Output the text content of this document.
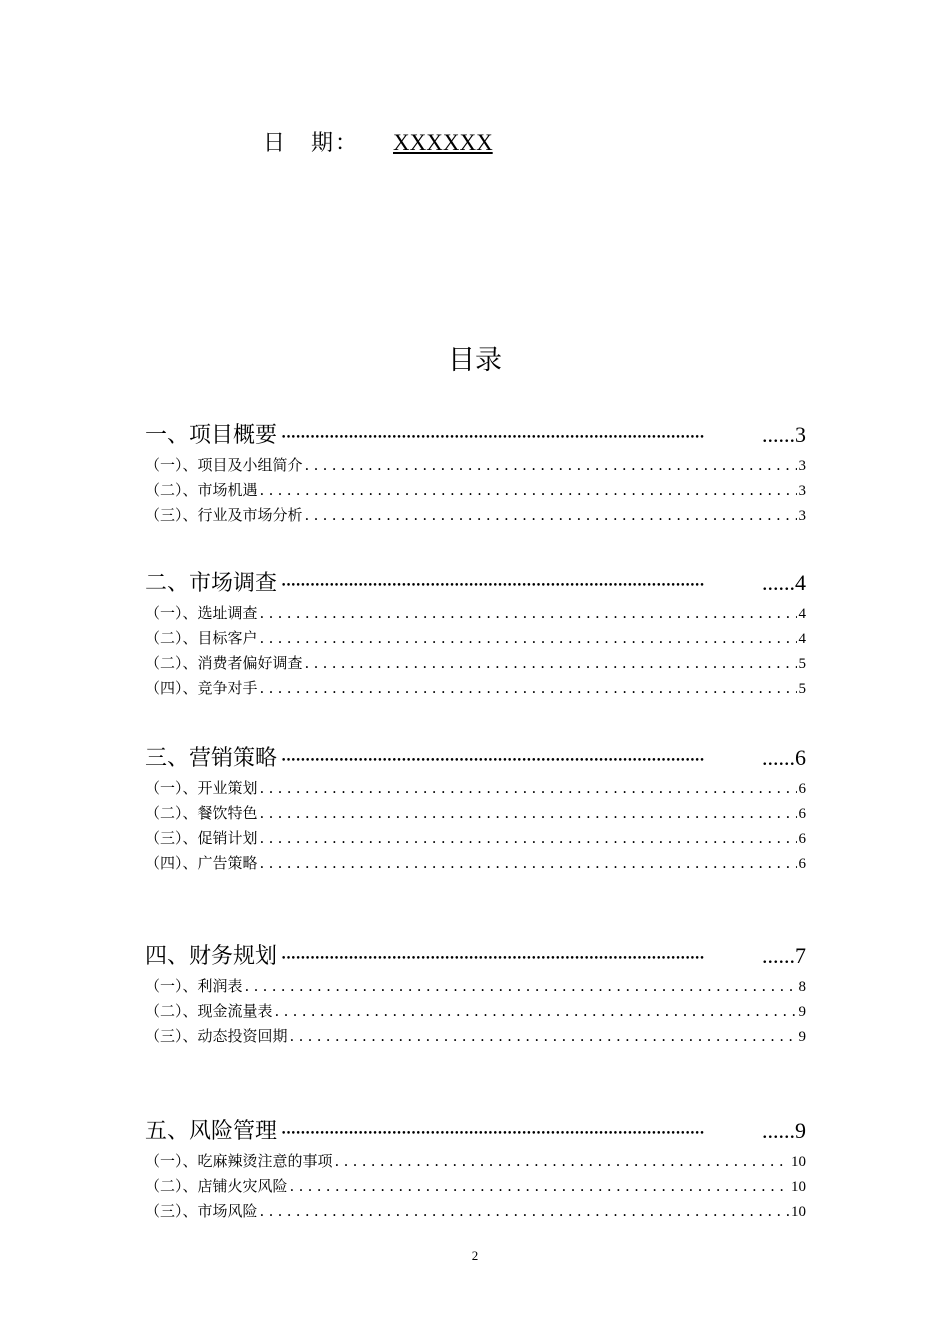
日　期： XXXXXX
目录
一、项目概要 •••••	...... 3
（一）、项目及小组简介 .....	3
（二）、市场机遇 .....	3
（三）、行业及市场分析 .....	3
二、市场调查 •••••	...... 4
（一）、选址调查 .....	4
（二）、目标客户 .....	4
（二）、消费者偏好调查 .....	5
（四）、竞争对手 .....	5
三、营销策略 •••••	...... 6
（一）、开业策划 .....	6
（二）、餐饮特色 .....	6
（三）、促销计划 .....	6
（四）、广告策略 .....	6
四、财务规划 •••••	...... 7
（一）、利润表 .....	8
（二）、现金流量表 .....	9
（三）、动态投资回期 .....	9
五、风险管理 •••••	...... 9
（一）、吃麻辣烫注意的事项 .....	10
（二）、店铺火灾风险 .....	10
（三）、市场风险 .....	10
2
